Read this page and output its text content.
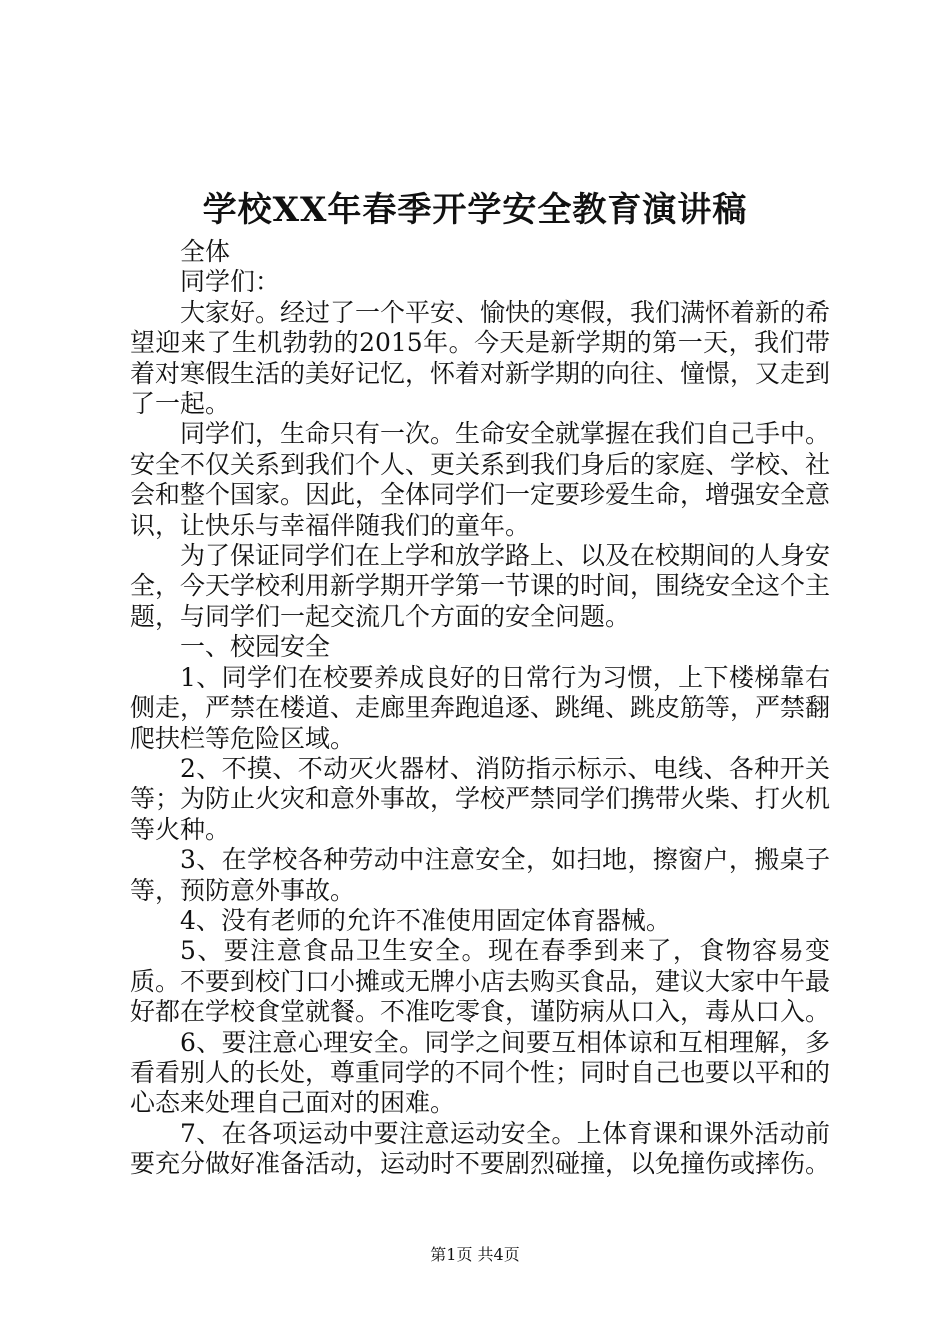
学校XX年春季开学安全教育演讲稿

全体

同学们：

大家好。经过了一个平安、愉快的寒假，我们满怀着新的希望迎来了生机勃勃的2015年。今天是新学期的第一天，我们带着对寒假生活的美好记忆，怀着对新学期的向往、憧憬，又走到了一起。

同学们，生命只有一次。生命安全就掌握在我们自己手中。安全不仅关系到我们个人、更关系到我们身后的家庭、学校、社会和整个国家。因此，全体同学们一定要珍爱生命，增强安全意识，让快乐与幸福伴随我们的童年。

为了保证同学们在上学和放学路上、以及在校期间的人身安全，今天学校利用新学期开学第一节课的时间，围绕安全这个主题，与同学们一起交流几个方面的安全问题。

一、校园安全

1、同学们在校要养成良好的日常行为习惯，上下楼梯靠右侧走，严禁在楼道、走廊里奔跑追逐、跳绳、跳皮筋等，严禁翻爬扶栏等危险区域。

2、不摸、不动灭火器材、消防指示标示、电线、各种开关等；为防止火灾和意外事故，学校严禁同学们携带火柴、打火机等火种。

3、在学校各种劳动中注意安全，如扫地，擦窗户，搬桌子等，预防意外事故。

4、没有老师的允许不准使用固定体育器械。

5、要注意食品卫生安全。现在春季到来了，食物容易变质。不要到校门口小摊或无牌小店去购买食品，建议大家中午最好都在学校食堂就餐。不准吃零食，谨防病从口入，毒从口入。

6、要注意心理安全。同学之间要互相体谅和互相理解，多看看别人的长处，尊重同学的不同个性；同时自己也要以平和的心态来处理自己面对的困难。

7、在各项运动中要注意运动安全。上体育课和课外活动前要充分做好准备活动，运动时不要剧烈碰撞，以免撞伤或摔伤。

第1页 共4页
